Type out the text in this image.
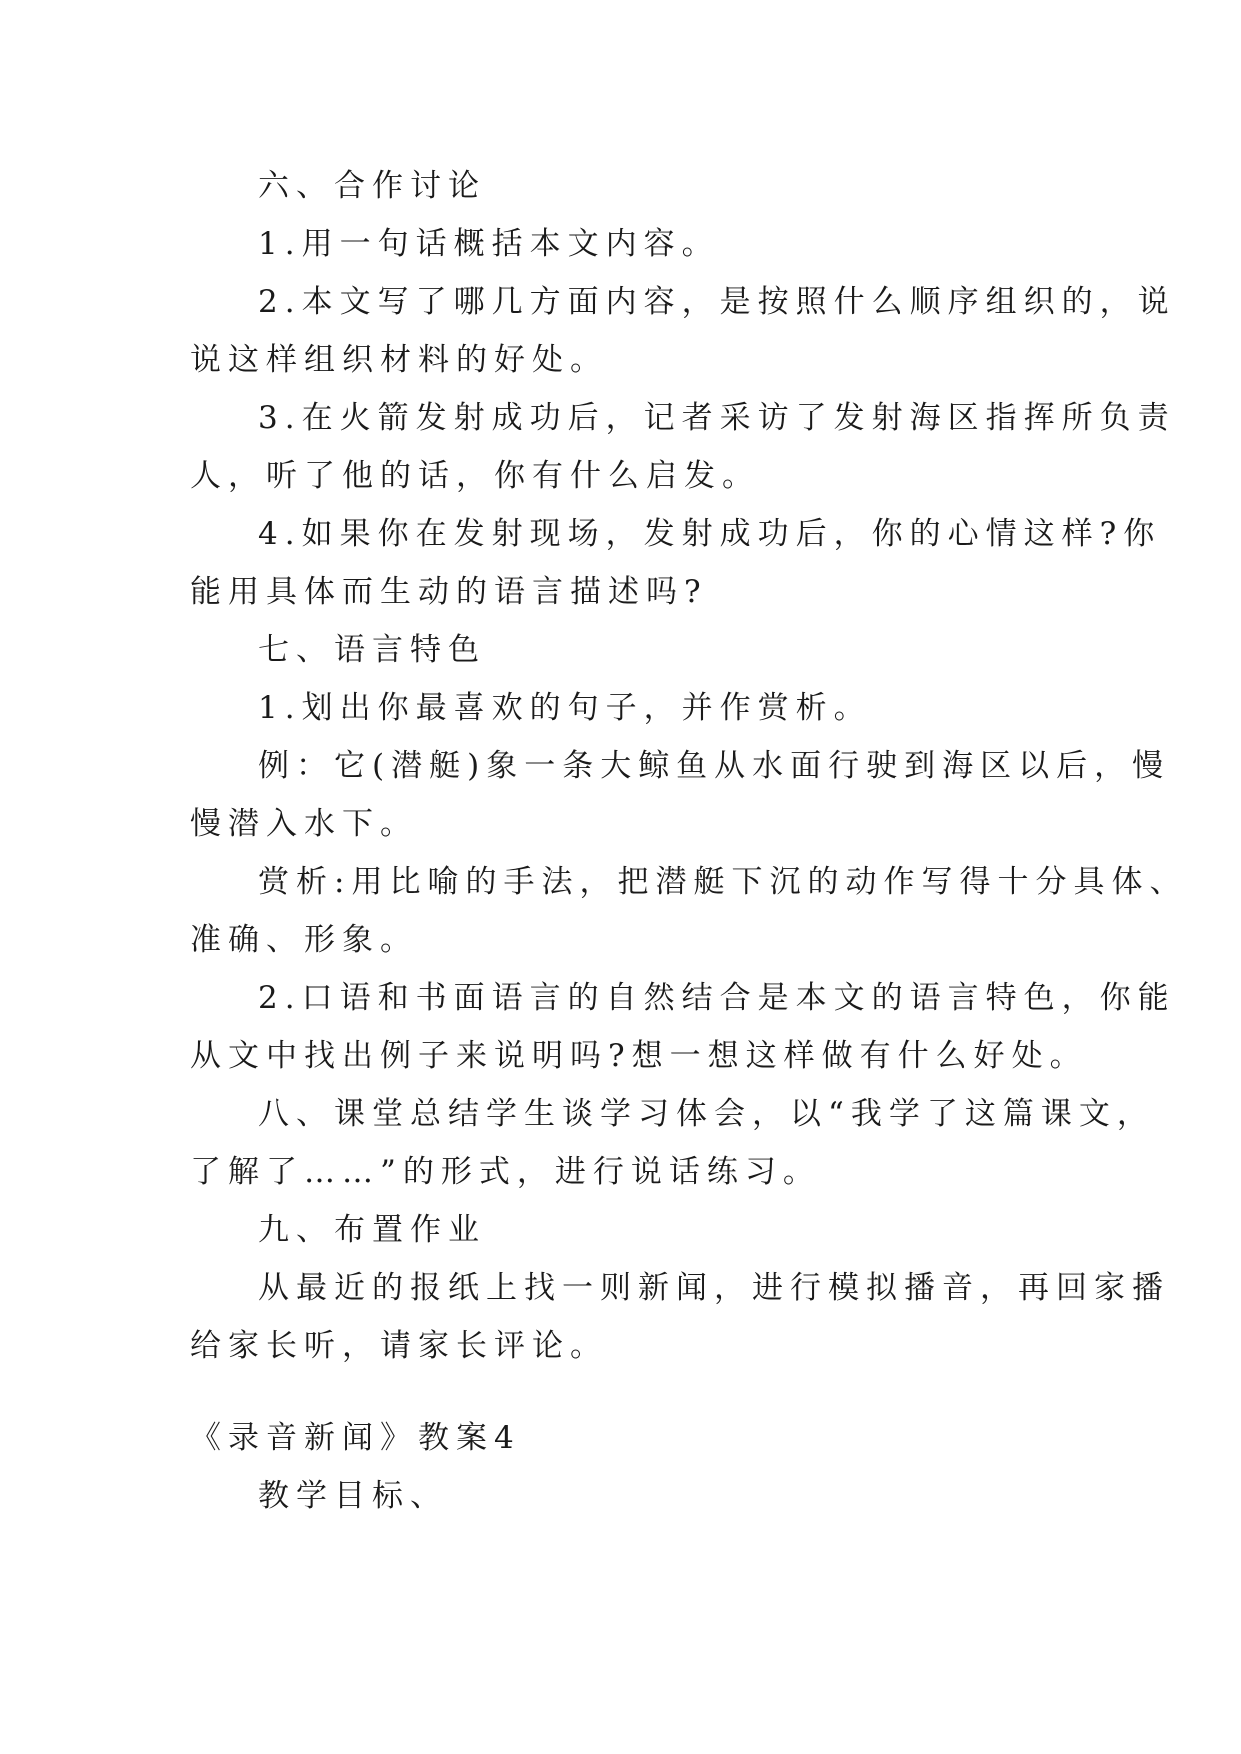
六、合作讨论
1.用一句话概括本文内容。
2.本文写了哪几方面内容，是按照什么顺序组织的，说
说这样组织材料的好处。
3.在火箭发射成功后，记者采访了发射海区指挥所负责
人，听了他的话，你有什么启发。
4.如果你在发射现场，发射成功后，你的心情这样?你
能用具体而生动的语言描述吗?
七、语言特色
1.划出你最喜欢的句子，并作赏析。
例：它(潜艇)象一条大鲸鱼从水面行驶到海区以后，慢
慢潜入水下。
赏析:用比喻的手法，把潜艇下沉的动作写得十分具体、
准确、形象。
2.口语和书面语言的自然结合是本文的语言特色，你能
从文中找出例子来说明吗?想一想这样做有什么好处。
八、课堂总结学生谈学习体会，以“我学了这篇课文，
了解了……”的形式，进行说话练习。
九、布置作业
从最近的报纸上找一则新闻，进行模拟播音，再回家播
给家长听，请家长评论。
《录音新闻》教案4
教学目标、
